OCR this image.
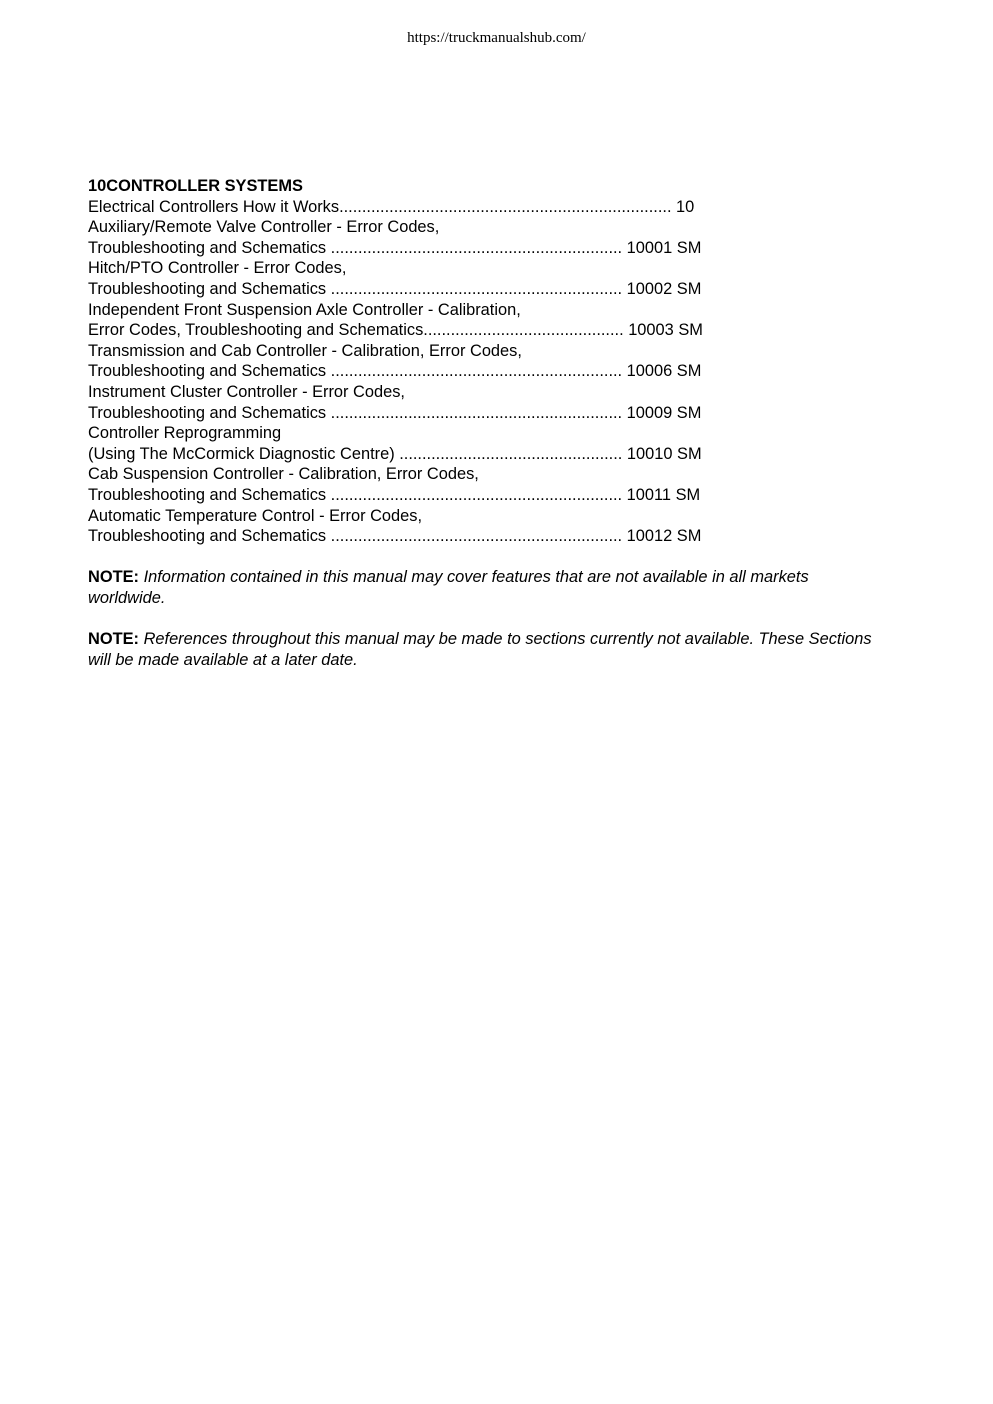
https://truckmanualshub.com/
10CONTROLLER SYSTEMS
Electrical Controllers How it Works......................................................................... 10
Auxiliary/Remote Valve Controller - Error Codes,
Troubleshooting and Schematics ................................................................ 10001 SM
Hitch/PTO Controller - Error Codes,
Troubleshooting and Schematics ................................................................ 10002 SM
Independent Front Suspension Axle Controller - Calibration,
Error Codes, Troubleshooting and Schematics............................................ 10003 SM
Transmission and Cab Controller - Calibration, Error Codes,
Troubleshooting and Schematics ................................................................ 10006 SM
Instrument Cluster Controller - Error Codes,
Troubleshooting and Schematics ................................................................ 10009 SM
Controller Reprogramming
(Using The McCormick Diagnostic Centre) ................................................. 10010 SM
Cab Suspension Controller - Calibration, Error Codes,
Troubleshooting and Schematics ................................................................ 10011 SM
Automatic Temperature Control - Error Codes,
Troubleshooting and Schematics ................................................................ 10012 SM

NOTE: Information contained in this manual may cover features that are not available in all markets worldwide.

NOTE: References throughout this manual may be made to sections currently not available. These Sections will be made available at a later date.
